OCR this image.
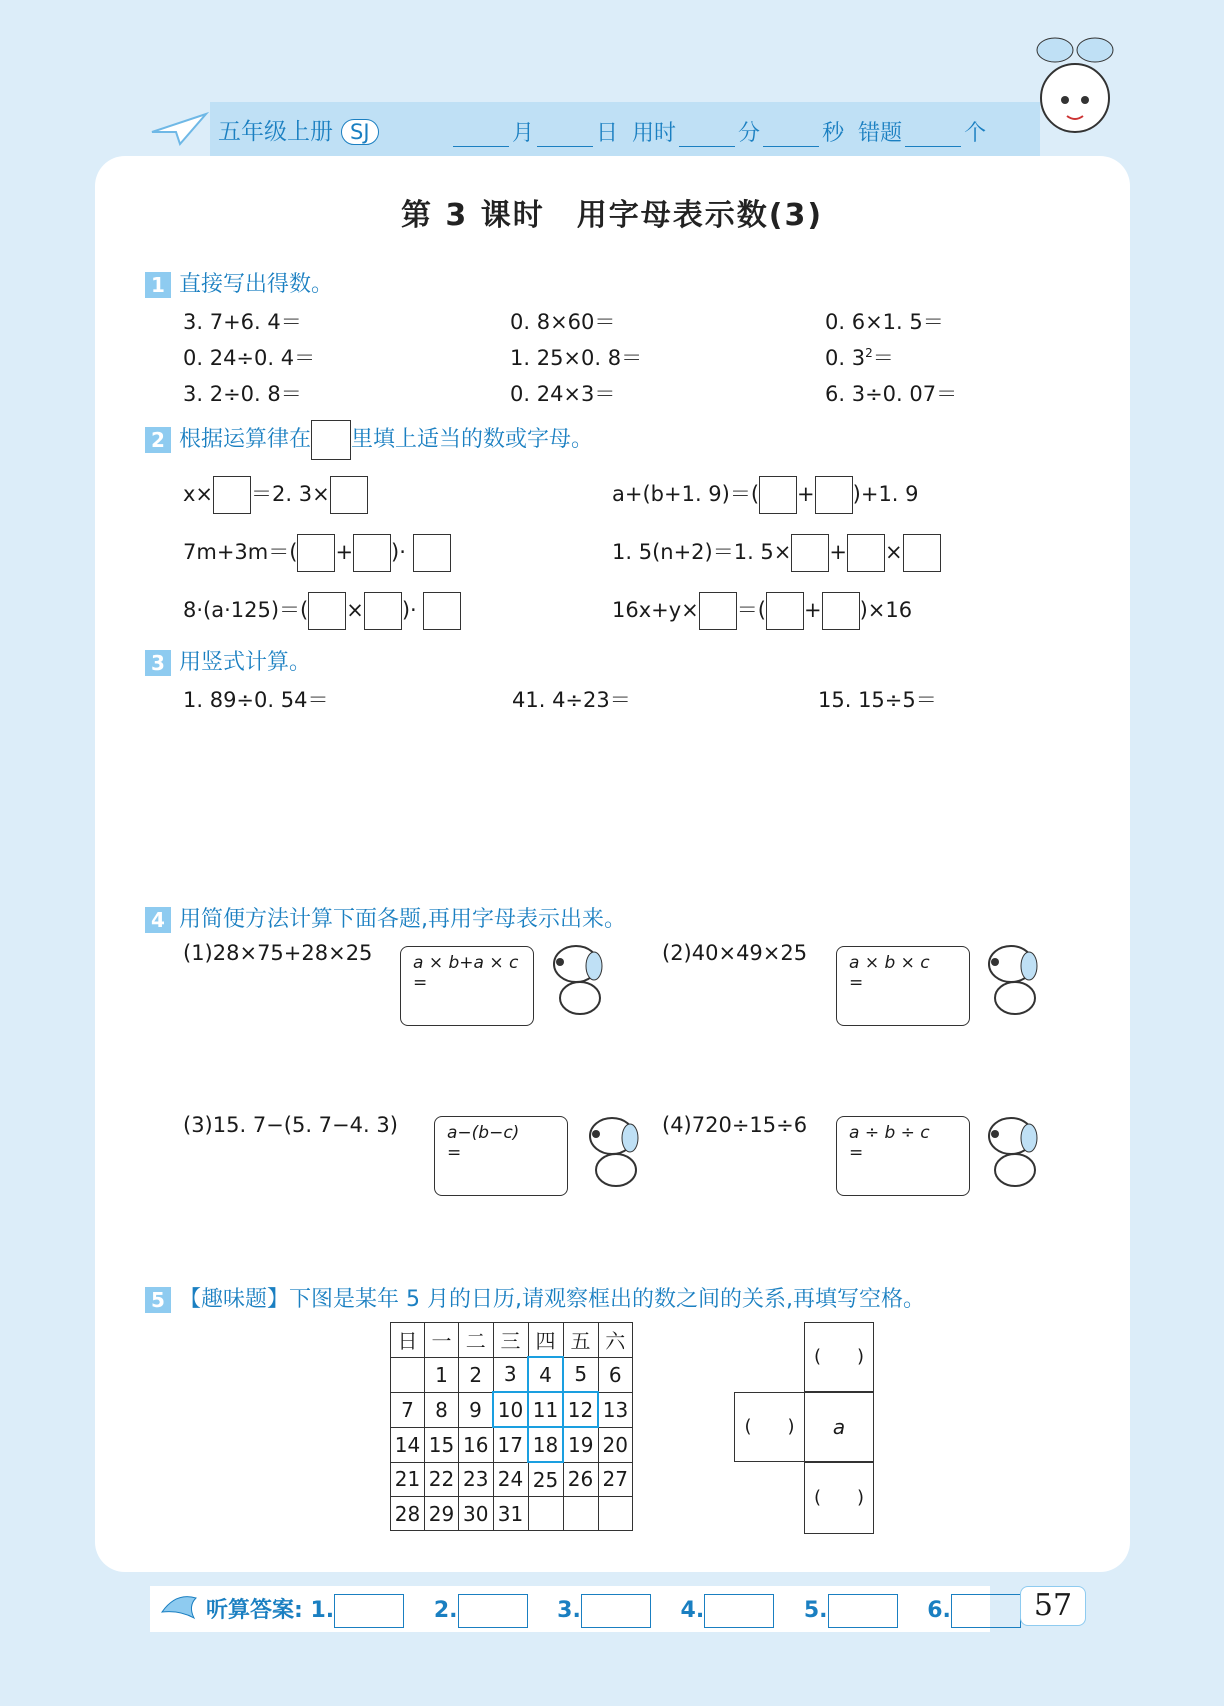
五年级上册 SJ	月	日 用时	分	秒 错题	个
第 3 课时　用字母表示数(3)
1 直接写出得数。
3. 7+6. 4＝	0. 8×60＝	0. 6×1. 5＝
0. 24÷0. 4＝	1. 25×0. 8＝	0. $3^2=$
3. 2÷0. 8＝	0. 24×3＝	6. 3÷0. 07＝
2 根据运算律在 里填上适当的数或字母。
x× ＝2. 3×	a+(b+1. 9)＝( + )+1. 9
7m+3m＝( + )·	1. 5(n+2)＝1. 5× + ×
8·(a·125)＝( × )·	16x+y× ＝( + )×16
3 用竖式计算。
1. 89÷0. 54＝	41. 4÷23＝	15. 15÷5＝
4 用简便方法计算下面各题,再用字母表示出来。
(1)28×75+28×25 a × b+a × c
=
(2)40×49×25 a × b × c
=
(3)15. 7−(5. 7−4. 3)	a−(b−c)
=
(4)720÷15÷6 a ÷ b ÷ c
=
5 【趣味题】下图是某年 5 月的日历,请观察框出的数之间的关系,再填写空格。
日	一	二	三	四	五	六
	1	2	3	4	5	6
7	8	9	10	11	12	13
14	15	16	17	18	19	20
21	22	23	24	25	26	27
28	29	30	31			
(　　)
(　　)	a
(　　)
听算答案: 1.	2.	3.	4.	5.	6.	57
